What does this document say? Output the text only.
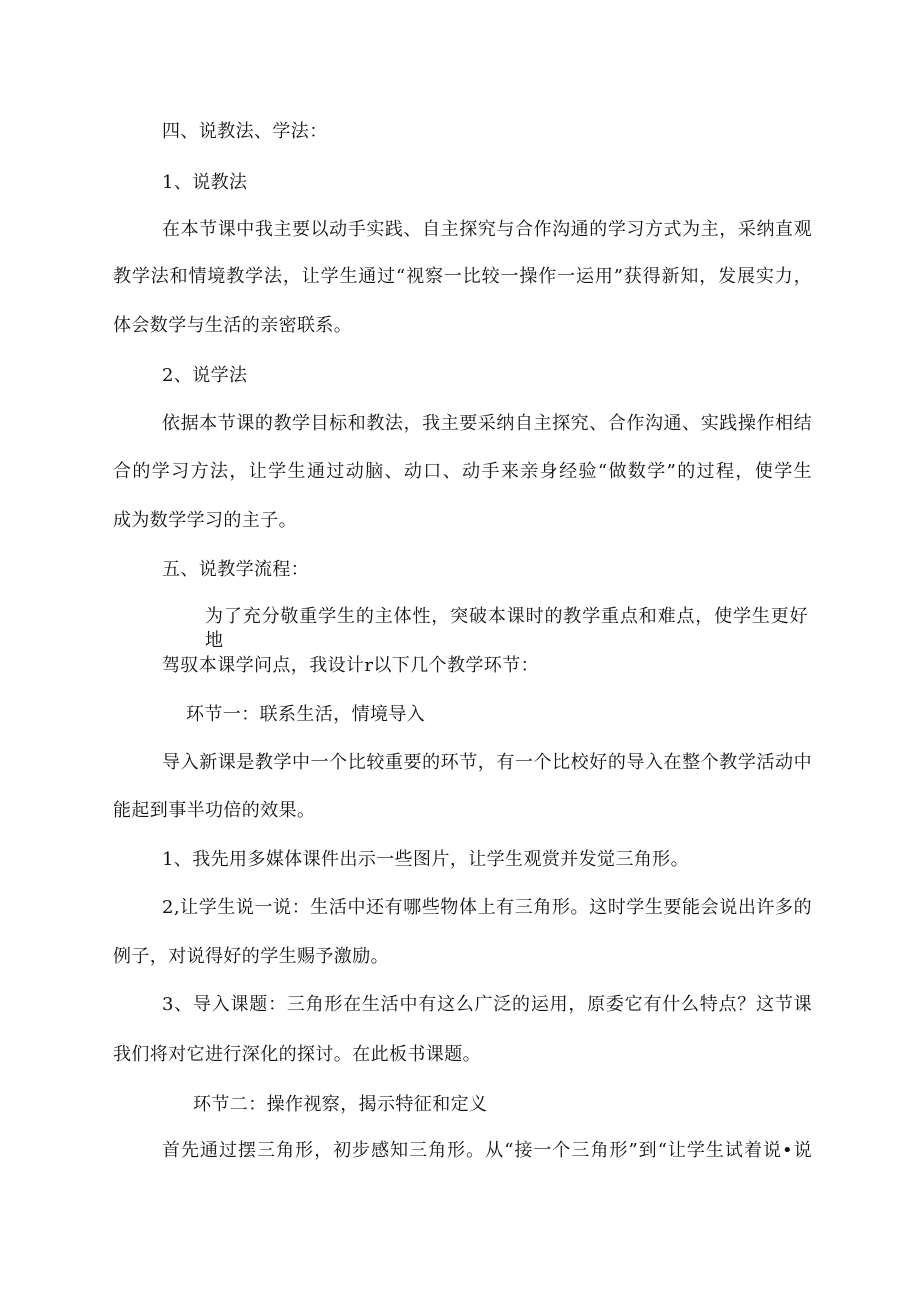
四、说教法、学法：
1、说教法
在本节课中我主要以动手实践、自主探究与合作沟通的学习方式为主，采纳直观
教学法和情境教学法，让学生通过“视察一比较一操作一运用”获得新知，发展实力，
体会数学与生活的亲密联系。
2、说学法
依据本节课的教学目标和教法，我主要采纳自主探究、合作沟通、实践操作相结
合的学习方法，让学生通过动脑、动口、动手来亲身经验“做数学”的过程，使学生
成为数学学习的主子。
五、说教学流程：
为了充分敬重学生的主体性，突破本课时的教学重点和难点，使学生更好地
驾驭本课学问点，我设计r以下几个教学环节：
环节一：联系生活，情境导入
导入新课是教学中一个比较重要的环节，有一个比校好的导入在整个教学活动中
能起到事半功倍的效果。
1、我先用多媒体课件出示一些图片，让学生观赏并发觉三角形。
2,让学生说一说：生活中还有哪些物体上有三角形。这时学生要能会说出许多的
例子，对说得好的学生赐予激励。
3、导入课题：三角形在生活中有这么广泛的运用，原委它有什么特点？这节课
我们将对它进行深化的探讨。在此板书课题。
环节二：操作视察，揭示特征和定义
首先通过摆三角形，初步感知三角形。从“接一个三角形”到“让学生试着说•说
